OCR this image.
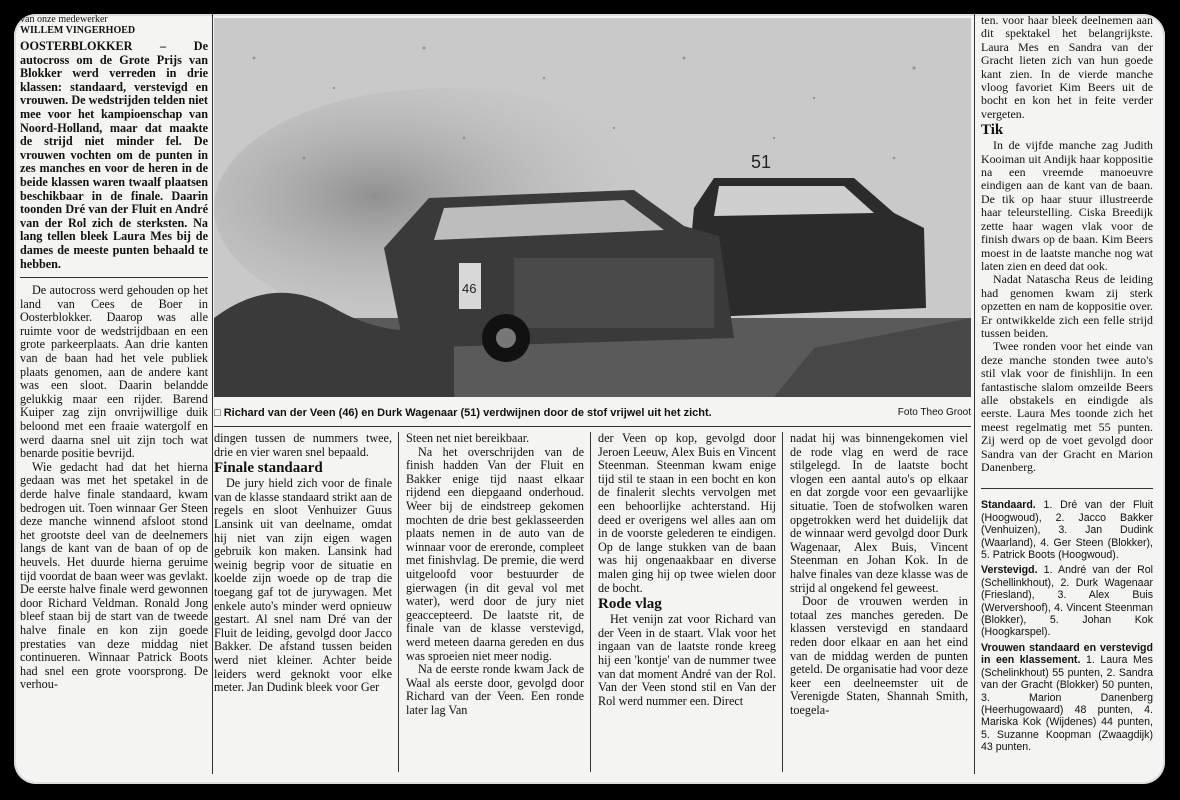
van onze medewerker
WILLEM VINGERHOED
OOSTERBLOKKER – De autocross om de Grote Prijs van Blokker werd verreden in drie klassen: standaard, verstevigd en vrouwen. De wedstrijden telden niet mee voor het kampioenschap van Noord-Holland, maar dat maakte de strijd niet minder fel. De vrouwen vochten om de punten in zes manches en voor de heren in de beide klassen waren twaalf plaatsen beschikbaar in de finale. Daarin toonden Dré van der Fluit en André van der Rol zich de sterksten. Na lang tellen bleek Laura Mes bij de dames de meeste punten behaald te hebben.

De autocross werd gehouden op het land van Cees de Boer in Oosterblokker. Daarop was alle ruimte voor de wedstrijdbaan en een grote parkeerplaats. Aan drie kanten van de baan had het vele publiek plaats genomen, aan de andere kant was een sloot. Daarin belandde gelukkig maar een rijder. Barend Kuiper zag zijn onvrijwillige duik beloond met een fraaie watergolf en werd daarna snel uit zijn toch wat benarde positie bevrijd.

Wie gedacht had dat het hierna gedaan was met het spetakel in de derde halve finale standaard, kwam bedrogen uit. Toen winnaar Ger Steen deze manche winnend afsloot stond het grootste deel van de deelnemers langs de kant van de baan of op de heuvels. Het duurde hierna geruime tijd voordat de baan weer was gevlakt. De eerste halve finale werd gewonnen door Richard Veldman. Ronald Jong bleef staan bij de start van de tweede halve finale en kon zijn goede prestaties van deze middag niet continueren. Winnaar Patrick Boots had snel een grote voorsprong. De verhou-

51
46
□ Richard van der Veen (46) en Durk Wagenaar (51) verdwijnen door de stof vrijwel uit het zicht.	Foto Theo Groot

dingen tussen de nummers twee, drie en vier waren snel bepaald.

Finale standaard

De jury hield zich voor de finale van de klasse standaard strikt aan de regels en sloot Venhuizer Guus Lansink uit van deelname, omdat hij niet van zijn eigen wagen gebruik kon maken. Lansink had weinig begrip voor de situatie en koelde zijn woede op de trap die toegang gaf tot de jurywagen. Met enkele auto's minder werd opnieuw gestart. Al snel nam Dré van der Fluit de leiding, gevolgd door Jacco Bakker. De afstand tussen beiden werd niet kleiner. Achter beide leiders werd geknokt voor elke meter. Jan Dudink bleek voor Ger

Steen net niet bereikbaar.

Na het overschrijden van de finish hadden Van der Fluit en Bakker enige tijd naast elkaar rijdend een diepgaand onderhoud. Weer bij de eindstreep gekomen mochten de drie best geklasseerden plaats nemen in de auto van de winnaar voor de ereronde, compleet met finishvlag. De premie, die werd uitgeloofd voor bestuurder de gierwagen (in dit geval vol met water), werd door de jury niet geaccepteerd. De laatste rit, de finale van de klasse verstevigd, werd meteen daarna gereden en dus was sproeien niet meer nodig.

Na de eerste ronde kwam Jack de Waal als eerste door, gevolgd door Richard van der Veen. Een ronde later lag Van

der Veen op kop, gevolgd door Jeroen Leeuw, Alex Buis en Vincent Steenman. Steenman kwam enige tijd stil te staan in een bocht en kon de finalerit slechts vervolgen met een behoorlijke achterstand. Hij deed er overigens wel alles aan om in de voorste gelederen te eindigen. Op de lange stukken van de baan was hij ongenaakbaar en diverse malen ging hij op twee wielen door de bocht.

Rode vlag

Het venijn zat voor Richard van der Veen in de staart. Vlak voor het ingaan van de laatste ronde kreeg hij een 'kontje' van de nummer twee van dat moment André van der Rol. Van der Veen stond stil en Van der Rol werd nummer een. Direct

nadat hij was binnengekomen viel de rode vlag en werd de race stilgelegd. In de laatste bocht vlogen een aantal auto's op elkaar en dat zorgde voor een gevaarlijke situatie. Toen de stofwolken waren opgetrokken werd het duidelijk dat de winnaar werd gevolgd door Durk Wagenaar, Alex Buis, Vincent Steenman en Johan Kok. In de halve finales van deze klasse was de strijd al ongekend fel geweest.

Door de vrouwen werden in totaal zes manches gereden. De klassen verstevigd en standaard reden door elkaar en aan het eind van de middag werden de punten geteld. De organisatie had voor deze keer een deelneemster uit de Verenigde Staten, Shannah Smith, toegela-

ten. voor haar bleek deelnemen aan dit spektakel het belangrijkste. Laura Mes en Sandra van der Gracht lieten zich van hun goede kant zien. In de vierde manche vloog favoriet Kim Beers uit de bocht en kon het in feite verder vergeten.

Tik

In de vijfde manche zag Judith Kooiman uit Andijk haar koppositie na een vreemde manoeuvre eindigen aan de kant van de baan. De tik op haar stuur illustreerde haar teleurstelling. Ciska Breedijk zette haar wagen vlak voor de finish dwars op de baan. Kim Beers moest in de laatste manche nog wat laten zien en deed dat ook.

Nadat Natascha Reus de leiding had genomen kwam zij sterk opzetten en nam de koppositie over. Er ontwikkelde zich een felle strijd tussen beiden.

Twee ronden voor het einde van deze manche stonden twee auto's stil vlak voor de finishlijn. In een fantastische slalom omzeilde Beers alle obstakels en eindigde als eerste. Laura Mes toonde zich het meest regelmatig met 55 punten. Zij werd op de voet gevolgd door Sandra van der Gracht en Marion Danenberg.

Standaard. 1. Dré van der Fluit (Hoogwoud), 2. Jacco Bakker (Venhuizen), 3. Jan Dudink (Waarland), 4. Ger Steen (Blokker), 5. Patrick Boots (Hoogwoud).

Verstevigd. 1. André van der Rol (Schellinkhout), 2. Durk Wagenaar (Friesland), 3. Alex Buis (Wervershoof), 4. Vincent Steenman (Blokker), 5. Johan Kok (Hoogkarspel).

Vrouwen standaard en verstevigd in een klassement. 1. Laura Mes (Schelinkhout) 55 punten, 2. Sandra van der Gracht (Blokker) 50 punten, 3. Marion Danenberg (Heerhugowaard) 48 punten, 4. Mariska Kok (Wijdenes) 44 punten, 5. Suzanne Koopman (Zwaagdijk) 43 punten.
